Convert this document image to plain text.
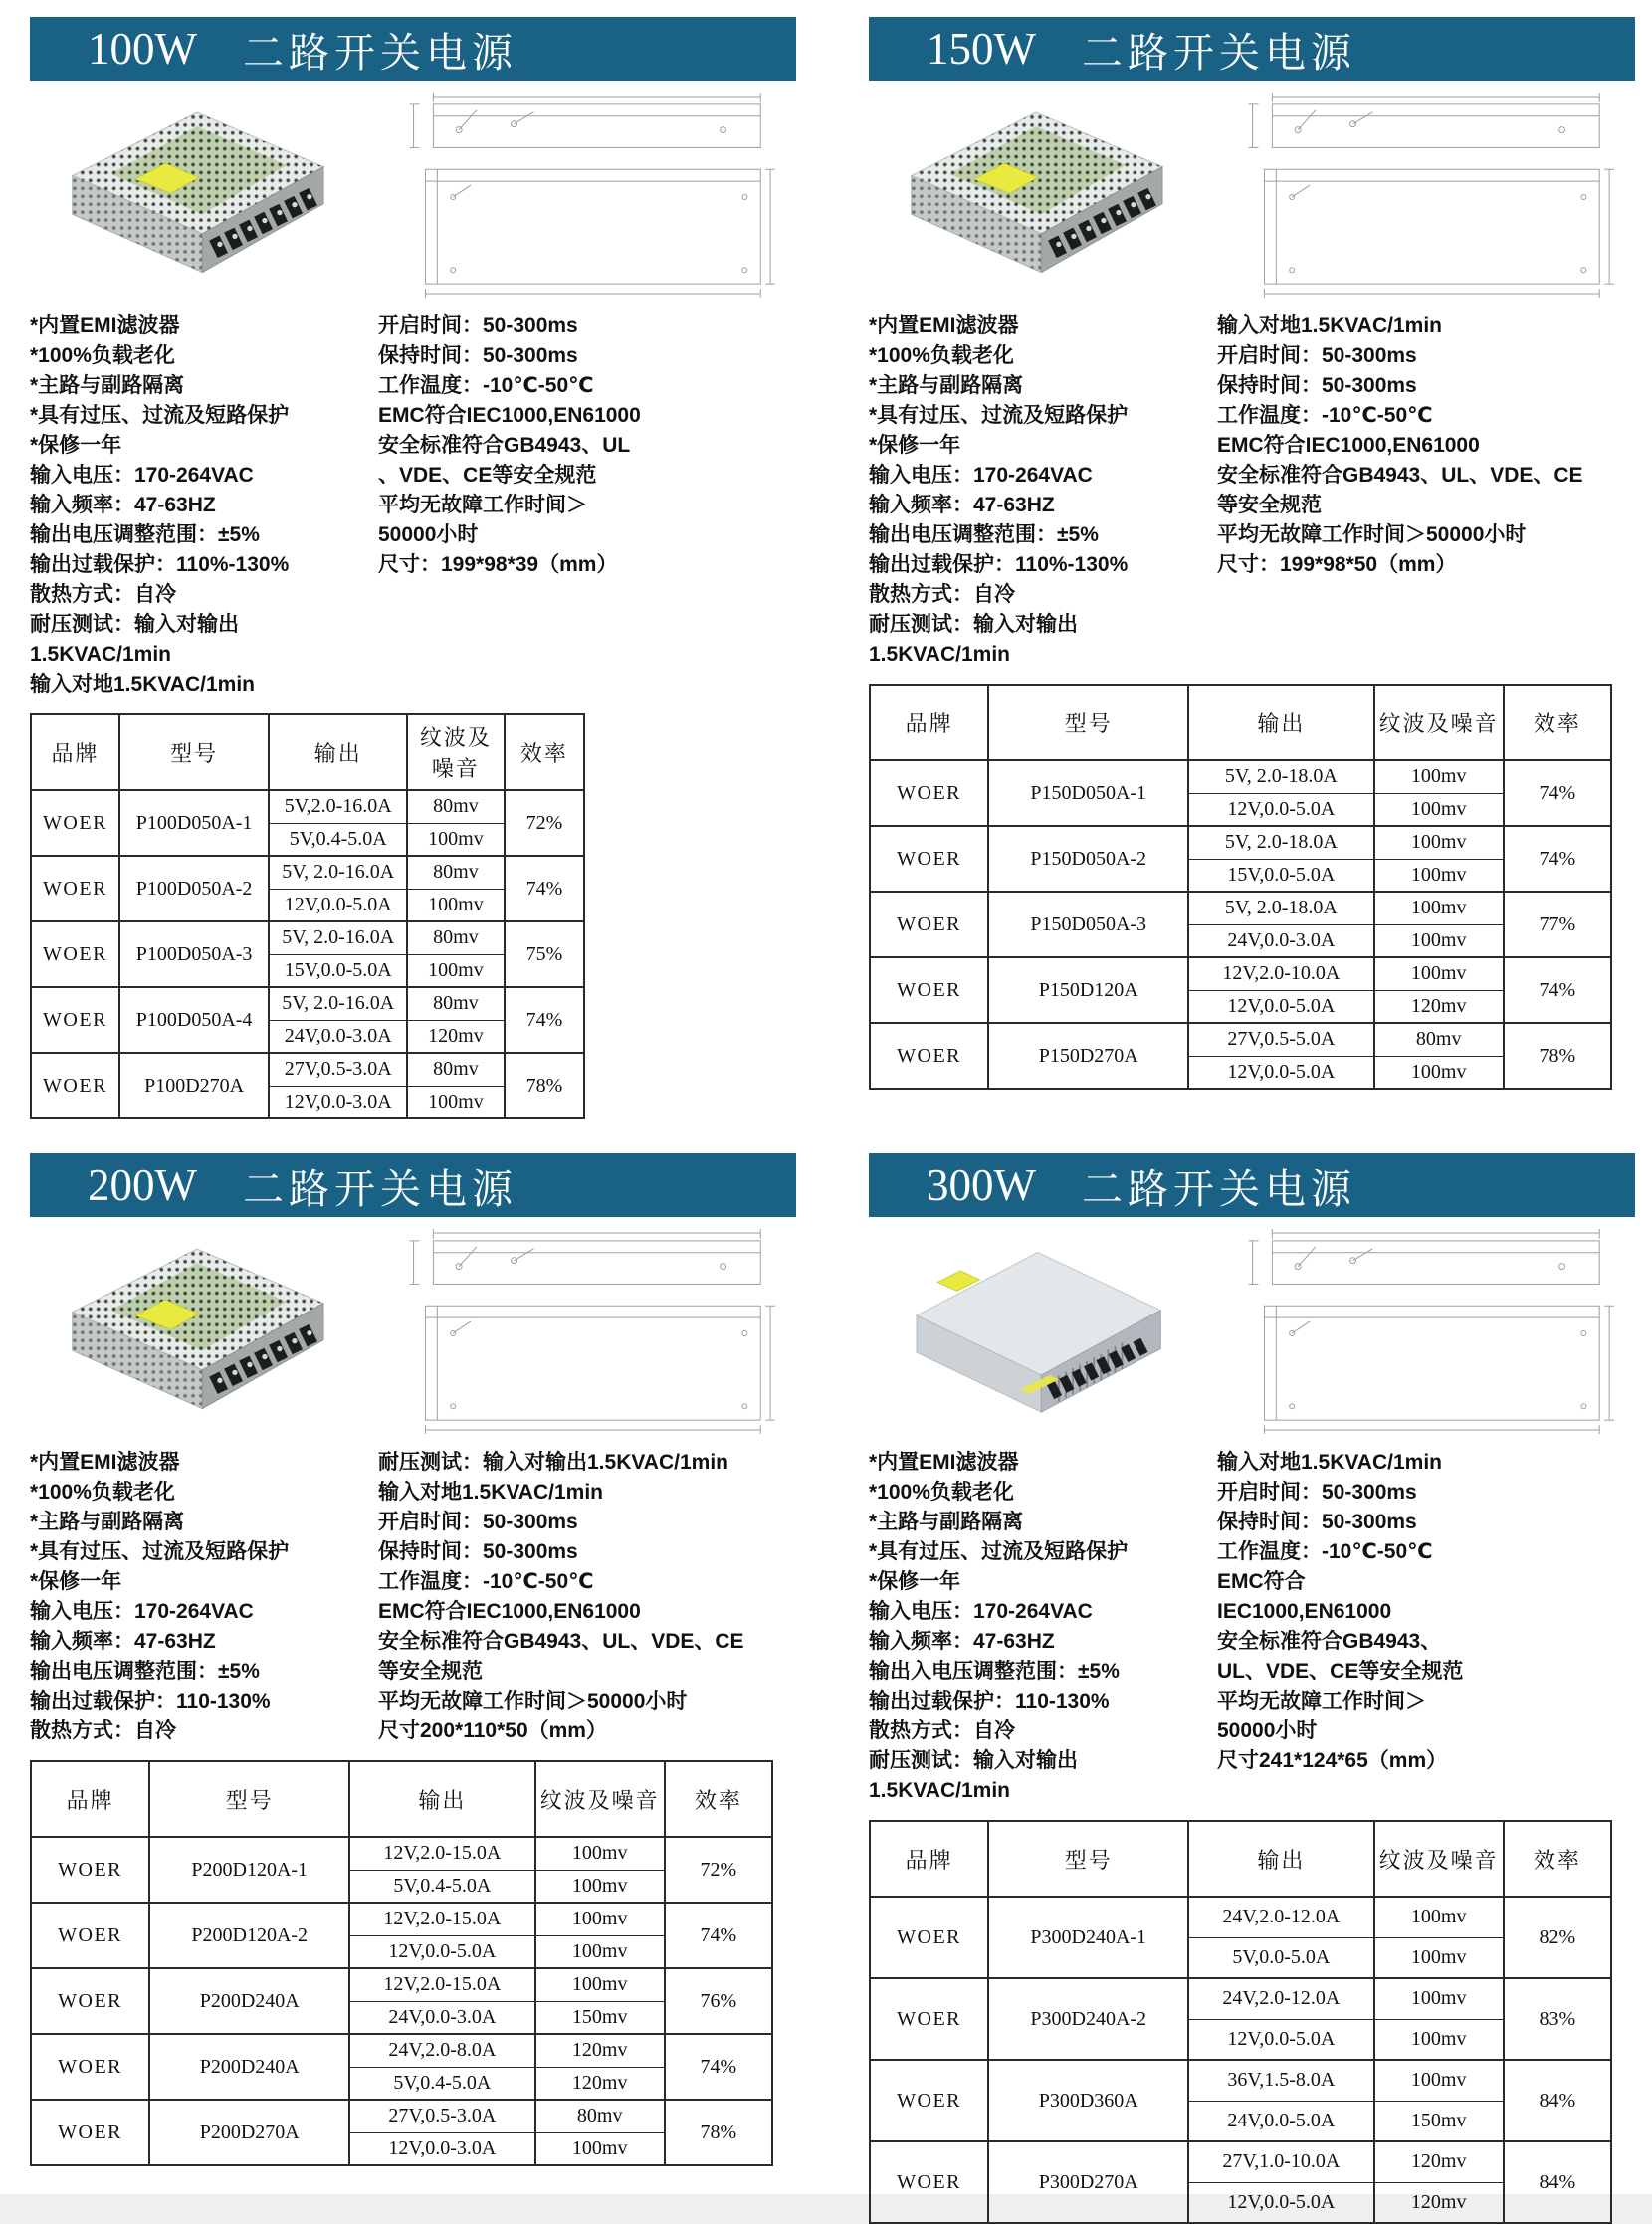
100W 二路开关电源
*内置EMI滤波器
*100%负载老化
*主路与副路隔离
*具有过压、过流及短路保护
*保修一年
输入电压：170-264VAC
输入频率：47-63HZ
输出电压调整范围：±5%
输出过载保护：110%-130%
散热方式：自冷
耐压测试：输入对输出1.5KVAC/1min
输入对地1.5KVAC/1min
开启时间：50-300ms
保持时间：50-300ms
工作温度：-10℃-50℃
EMC符合IEC1000,EN61000
安全标准符合GB4943、UL
、VDE、CE等安全规范
平均无故障工作时间＞
50000小时
尺寸：199*98*39（mm）
品牌	型号	输出	纹波及噪音	效率
WOER	P100D050A-1	5V,2.0-16.0A	80mv	72%
		5V,0.4-5.0A	100mv	
WOER	P100D050A-2	5V, 2.0-16.0A	80mv	74%
		12V,0.0-5.0A	100mv	
WOER	P100D050A-3	5V, 2.0-16.0A	80mv	75%
		15V,0.0-5.0A	100mv	
WOER	P100D050A-4	5V, 2.0-16.0A	80mv	74%
		24V,0.0-3.0A	120mv	
WOER	P100D270A	27V,0.5-3.0A	80mv	78%
		12V,0.0-3.0A	100mv	
150W 二路开关电源
*内置EMI滤波器
*100%负载老化
*主路与副路隔离
*具有过压、过流及短路保护
*保修一年
输入电压：170-264VAC
输入频率：47-63HZ
输出电压调整范围：±5%
输出过载保护：110%-130%
散热方式：自冷
耐压测试：输入对输出1.5KVAC/1min
输入对地1.5KVAC/1min
开启时间：50-300ms
保持时间：50-300ms
工作温度：-10℃-50℃
EMC符合IEC1000,EN61000
安全标准符合GB4943、UL、VDE、CE
等安全规范
平均无故障工作时间＞50000小时
尺寸：199*98*50（mm）
品牌	型号	输出	纹波及噪音	效率
WOER	P150D050A-1	5V, 2.0-18.0A	100mv	74%
		12V,0.0-5.0A	100mv	
WOER	P150D050A-2	5V, 2.0-18.0A	100mv	74%
		15V,0.0-5.0A	100mv	
WOER	P150D050A-3	5V, 2.0-18.0A	100mv	77%
		24V,0.0-3.0A	100mv	
WOER	P150D120A	12V,2.0-10.0A	100mv	74%
		12V,0.0-5.0A	120mv	
WOER	P150D270A	27V,0.5-5.0A	80mv	78%
		12V,0.0-5.0A	100mv	
200W 二路开关电源
*内置EMI滤波器
*100%负载老化
*主路与副路隔离
*具有过压、过流及短路保护
*保修一年
输入电压：170-264VAC
输入频率：47-63HZ
输出电压调整范围：±5%
输出过载保护：110-130%
散热方式：自冷
耐压测试：输入对输出1.5KVAC/1min
输入对地1.5KVAC/1min
开启时间：50-300ms
保持时间：50-300ms
工作温度：-10℃-50℃
EMC符合IEC1000,EN61000
安全标准符合GB4943、UL、VDE、CE
等安全规范
平均无故障工作时间＞50000小时
尺寸200*110*50（mm）
品牌	型号	输出	纹波及噪音	效率
WOER	P200D120A-1	12V,2.0-15.0A	100mv	72%
		5V,0.4-5.0A	100mv	
WOER	P200D120A-2	12V,2.0-15.0A	100mv	74%
		12V,0.0-5.0A	100mv	
WOER	P200D240A	12V,2.0-15.0A	100mv	76%
		24V,0.0-3.0A	150mv	
WOER	P200D240A	24V,2.0-8.0A	120mv	74%
		5V,0.4-5.0A	120mv	
WOER	P200D270A	27V,0.5-3.0A	80mv	78%
		12V,0.0-3.0A	100mv	
300W 二路开关电源
*内置EMI滤波器
*100%负载老化
*主路与副路隔离
*具有过压、过流及短路保护
*保修一年
输入电压：170-264VAC
输入频率：47-63HZ
输出入电压调整范围：±5%
输出过载保护：110-130%
散热方式：自冷
耐压测试：输入对输出1.5KVAC/1min
输入对地1.5KVAC/1min
开启时间：50-300ms
保持时间：50-300ms
工作温度：-10℃-50℃
EMC符合
IEC1000,EN61000
安全标准符合GB4943、
UL、VDE、CE等安全规范
平均无故障工作时间＞
50000小时
尺寸241*124*65（mm）
品牌	型号	输出	纹波及噪音	效率
WOER	P300D240A-1	24V,2.0-12.0A	100mv	82%
		5V,0.0-5.0A	100mv	
WOER	P300D240A-2	24V,2.0-12.0A	100mv	83%
		12V,0.0-5.0A	100mv	
WOER	P300D360A	36V,1.5-8.0A	100mv	84%
		24V,0.0-5.0A	150mv	
WOER	P300D270A	27V,1.0-10.0A	120mv	84%
		12V,0.0-5.0A	120mv	
